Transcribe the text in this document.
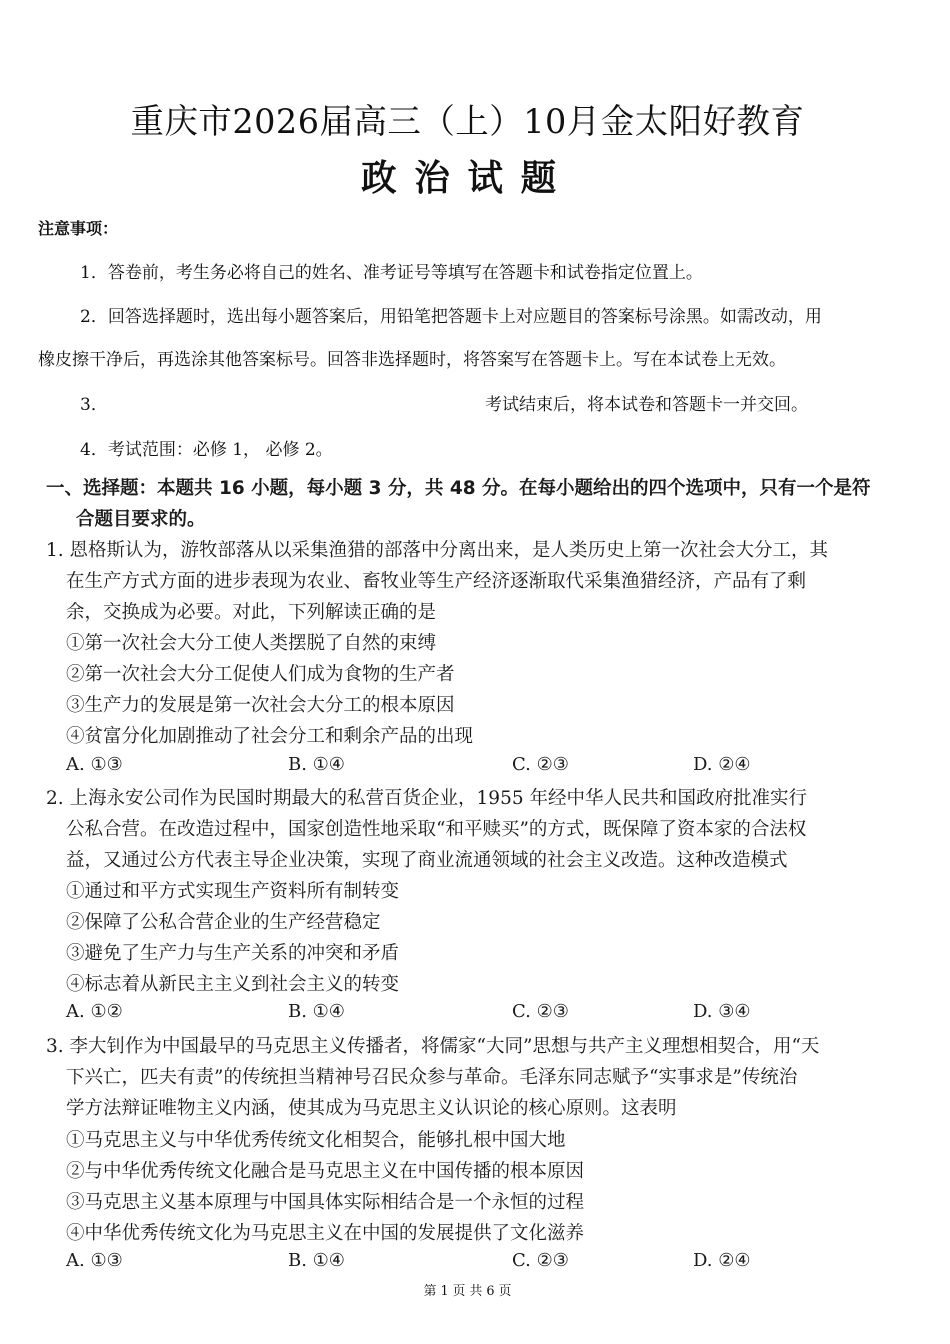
重庆市2026届高三（上）10月金太阳好教育
政治试题
注意事项：
1．答卷前，考生务必将自己的姓名、准考证号等填写在答题卡和试卷指定位置上。
2．回答选择题时，选出每小题答案后，用铅笔把答题卡上对应题目的答案标号涂黑。如需改动，用
橡皮擦干净后，再选涂其他答案标号。回答非选择题时，将答案写在答题卡上。写在本试卷上无效。
3．	考试结束后，将本试卷和答题卡一并交回。
4．考试范围：必修 1， 必修 2。
一、选择题：本题共 16 小题，每小题 3 分，共 48 分。在每小题给出的四个选项中，只有一个是符
合题目要求的。
1. 恩格斯认为，游牧部落从以采集渔猎的部落中分离出来，是人类历史上第一次社会大分工，其
在生产方式方面的进步表现为农业、畜牧业等生产经济逐渐取代采集渔猎经济，产品有了剩
余，交换成为必要。对此，下列解读正确的是
①第一次社会大分工使人类摆脱了自然的束缚
②第一次社会大分工促使人们成为食物的生产者
③生产力的发展是第一次社会大分工的根本原因
④贫富分化加剧推动了社会分工和剩余产品的出现
A. ①③	B. ①④	C. ②③	D. ②④
2. 上海永安公司作为民国时期最大的私营百货企业，1955 年经中华人民共和国政府批准实行
公私合营。在改造过程中，国家创造性地采取“和平赎买”的方式，既保障了资本家的合法权
益，又通过公方代表主导企业决策，实现了商业流通领域的社会主义改造。这种改造模式
①通过和平方式实现生产资料所有制转变
②保障了公私合营企业的生产经营稳定
③避免了生产力与生产关系的冲突和矛盾
④标志着从新民主主义到社会主义的转变
A. ①②	B. ①④	C. ②③	D. ③④
3. 李大钊作为中国最早的马克思主义传播者，将儒家“大同”思想与共产主义理想相契合，用“天
下兴亡，匹夫有责”的传统担当精神号召民众参与革命。毛泽东同志赋予“实事求是”传统治
学方法辩证唯物主义内涵，使其成为马克思主义认识论的核心原则。这表明
①马克思主义与中华优秀传统文化相契合，能够扎根中国大地
②与中华优秀传统文化融合是马克思主义在中国传播的根本原因
③马克思主义基本原理与中国具体实际相结合是一个永恒的过程
④中华优秀传统文化为马克思主义在中国的发展提供了文化滋养
A. ①③	B. ①④	C. ②③	D. ②④
第 1 页 共 6 页
